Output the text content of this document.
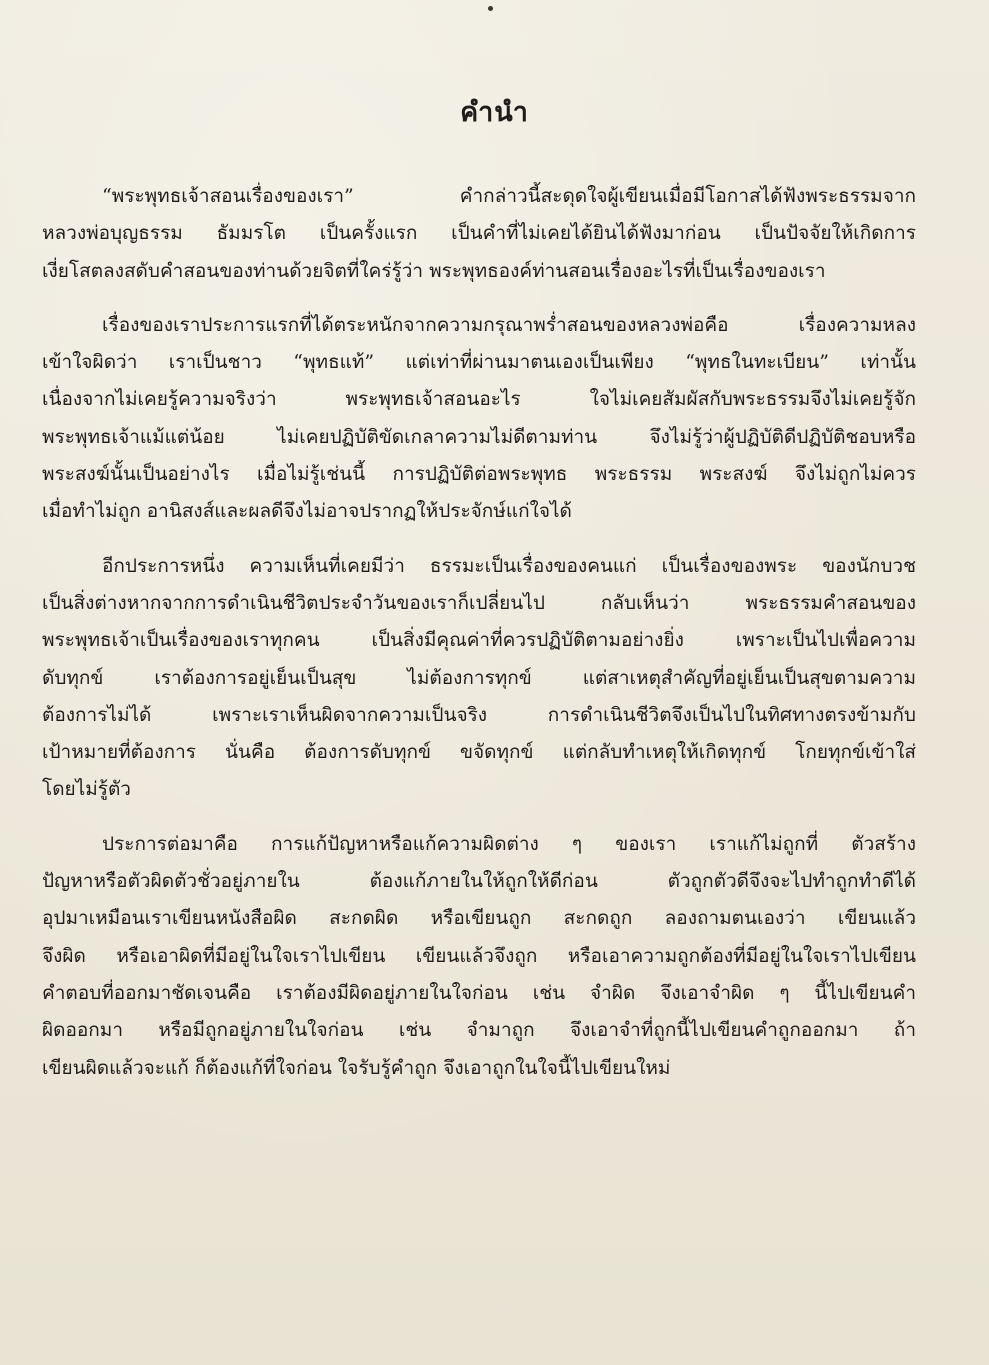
คำนำ
“พระพุทธเจ้าสอนเรื่องของเรา” คำกล่าวนี้สะดุดใจผู้เขียนเมื่อมีโอกาสได้ฟังพระธรรมจาก
หลวงพ่อบุญธรรม ธัมมรโต เป็นครั้งแรก เป็นคำที่ไม่เคยได้ยินได้ฟังมาก่อน เป็นปัจจัยให้เกิดการ
เงี่ยโสตลงสดับคำสอนของท่านด้วยจิตที่ใคร่รู้ว่า พระพุทธองค์ท่านสอนเรื่องอะไรที่เป็นเรื่องของเรา
เรื่องของเราประการแรกที่ได้ตระหนักจากความกรุณาพร่ำสอนของหลวงพ่อคือ เรื่องความหลง
เข้าใจผิดว่า เราเป็นชาว “พุทธแท้” แต่เท่าที่ผ่านมาตนเองเป็นเพียง “พุทธในทะเบียน” เท่านั้น
เนื่องจากไม่เคยรู้ความจริงว่า พระพุทธเจ้าสอนอะไร ใจไม่เคยสัมผัสกับพระธรรมจึงไม่เคยรู้จัก
พระพุทธเจ้าแม้แต่น้อย ไม่เคยปฏิบัติขัดเกลาความไม่ดีตามท่าน จึงไม่รู้ว่าผู้ปฏิบัติดีปฏิบัติชอบหรือ
พระสงฆ์นั้นเป็นอย่างไร เมื่อไม่รู้เช่นนี้ การปฏิบัติต่อพระพุทธ พระธรรม พระสงฆ์ จึงไม่ถูกไม่ควร
เมื่อทำไม่ถูก อานิสงส์และผลดีจึงไม่อาจปรากฏให้ประจักษ์แก่ใจได้
อีกประการหนึ่ง ความเห็นที่เคยมีว่า ธรรมะเป็นเรื่องของคนแก่ เป็นเรื่องของพระ ของนักบวช
เป็นสิ่งต่างหากจากการดำเนินชีวิตประจำวันของเราก็เปลี่ยนไป กลับเห็นว่า พระธรรมคำสอนของ
พระพุทธเจ้าเป็นเรื่องของเราทุกคน เป็นสิ่งมีคุณค่าที่ควรปฏิบัติตามอย่างยิ่ง เพราะเป็นไปเพื่อความ
ดับทุกข์ เราต้องการอยู่เย็นเป็นสุข ไม่ต้องการทุกข์ แต่สาเหตุสำคัญที่อยู่เย็นเป็นสุขตามความ
ต้องการไม่ได้ เพราะเราเห็นผิดจากความเป็นจริง การดำเนินชีวิตจึงเป็นไปในทิศทางตรงข้ามกับ
เป้าหมายที่ต้องการ นั่นคือ ต้องการดับทุกข์ ขจัดทุกข์ แต่กลับทำเหตุให้เกิดทุกข์ โกยทุกข์เข้าใส่
โดยไม่รู้ตัว
ประการต่อมาคือ การแก้ปัญหาหรือแก้ความผิดต่าง ๆ ของเรา เราแก้ไม่ถูกที่ ตัวสร้าง
ปัญหาหรือตัวผิดตัวชั่วอยู่ภายใน ต้องแก้ภายในให้ถูกให้ดีก่อน ตัวถูกตัวดีจึงจะไปทำถูกทำดีได้
อุปมาเหมือนเราเขียนหนังสือผิด สะกดผิด หรือเขียนถูก สะกดถูก ลองถามตนเองว่า เขียนแล้ว
จึงผิด หรือเอาผิดที่มีอยู่ในใจเราไปเขียน เขียนแล้วจึงถูก หรือเอาความถูกต้องที่มีอยู่ในใจเราไปเขียน
คำตอบที่ออกมาชัดเจนคือ เราต้องมีผิดอยู่ภายในใจก่อน เช่น จำผิด จึงเอาจำผิด ๆ นี้ไปเขียนคำ
ผิดออกมา หรือมีถูกอยู่ภายในใจก่อน เช่น จำมาถูก จึงเอาจำที่ถูกนี้ไปเขียนคำถูกออกมา ถ้า
เขียนผิดแล้วจะแก้ ก็ต้องแก้ที่ใจก่อน ใจรับรู้คำถูก จึงเอาถูกในใจนี้ไปเขียนใหม่
